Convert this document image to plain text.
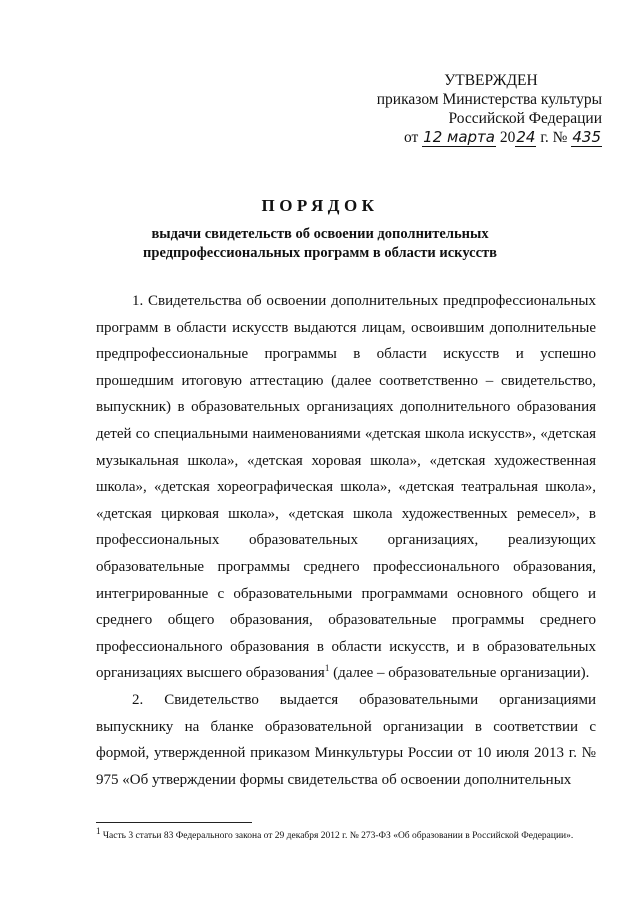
УТВЕРЖДЕН
приказом Министерства культуры
Российской Федерации
от 12 марта 2024 г. № 435
ПОРЯДОК
выдачи свидетельств об освоении дополнительных предпрофессиональных программ в области искусств

1. Свидетельства об освоении дополнительных предпрофессиональных программ в области искусств выдаются лицам, освоившим дополнительные предпрофессиональные программы в области искусств и успешно прошедшим итоговую аттестацию (далее соответственно – свидетельство, выпускник) в образовательных организациях дополнительного образования детей со специальными наименованиями «детская школа искусств», «детская музыкальная школа», «детская хоровая школа», «детская художественная школа», «детская хореографическая школа», «детская театральная школа», «детская цирковая школа», «детская школа художественных ремесел», в профессиональных образовательных организациях, реализующих образовательные программы среднего профессионального образования, интегрированные с образовательными программами основного общего и среднего общего образования, образовательные программы среднего профессионального образования в области искусств, и в образовательных организациях высшего образования$^1$ (далее – образовательные организации).

2. Свидетельство выдается образовательными организациями выпускнику на бланке образовательной организации в соответствии с формой, утвержденной приказом Минкультуры России от 10 июля 2013 г. № 975 «Об утверждении формы свидетельства об освоении дополнительных

$^1$ Часть 3 статьи 83 Федерального закона от 29 декабря 2012 г. № 273-ФЗ «Об образовании в Российской Федерации».
